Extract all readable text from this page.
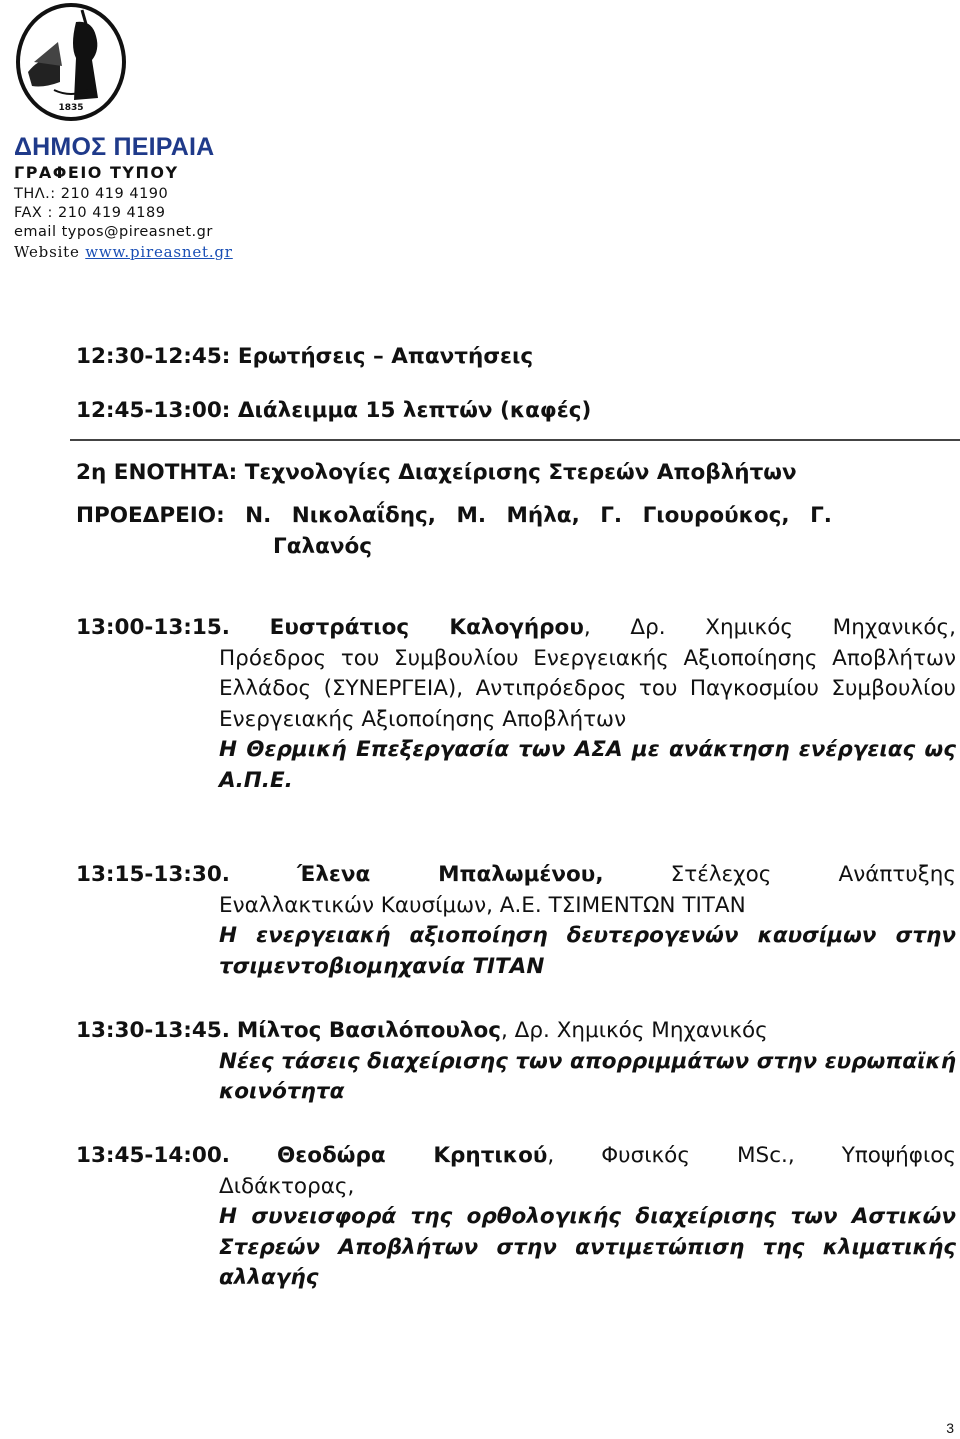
1835
ΔΗΜΟΣ ΠΕΙΡΑΙΑ
ΓΡΑΦΕΙΟ ΤΥΠΟΥ
ΤΗΛ.: 210 419 4190
FAX : 210 419 4189
email typos@pireasnet.gr
Website www.pireasnet.gr
12:30-12:45: Ερωτήσεις – Απαντήσεις
12:45-13:00: Διάλειμμα 15 λεπτών (καφές)
2η ΕΝΟΤΗΤΑ: Τεχνολογίες Διαχείρισης Στερεών Αποβλήτων
ΠΡΟΕΔΡΕΙΟ: Ν. Νικολαΐδης, Μ. Μήλα, Γ. Γιουρούκος, Γ.
Γαλανός
13:00-13:15. Ευστράτιος Καλογήρου, Δρ. Χημικός Μηχανικός,
Πρόεδρος του Συμβουλίου Ενεργειακής Αξιοποίησης Αποβλήτων Ελλάδος (ΣΥΝΕΡΓΕΙΑ), Αντιπρόεδρος του Παγκοσμίου Συμβουλίου Ενεργειακής Αξιοποίησης Αποβλήτων
Η Θερμική Επεξεργασία των ΑΣΑ με ανάκτηση ενέργειας ως Α.Π.Ε.
13:15-13:30.	Έλενα Μπαλωμένου,	Στέλεχος Ανάπτυξης
Εναλλακτικών Καυσίμων, Α.Ε. ΤΣΙΜΕΝΤΩΝ ΤΙΤΑΝ
Η ενεργειακή αξιοποίηση δευτερογενών καυσίμων στην τσιμεντοβιομηχανία ΤΙΤΑΝ
13:30-13:45. Μίλτος Βασιλόπουλος, Δρ. Χημικός Μηχανικός
Νέες τάσεις διαχείρισης των απορριμμάτων στην ευρωπαϊκή κοινότητα
13:45-14:00. Θεοδώρα Κρητικού, Φυσικός MSc., Υποψήφιος
Διδάκτορας,
Η συνεισφορά της ορθολογικής διαχείρισης των Αστικών Στερεών Αποβλήτων στην αντιμετώπιση της κλιματικής αλλαγής
3
